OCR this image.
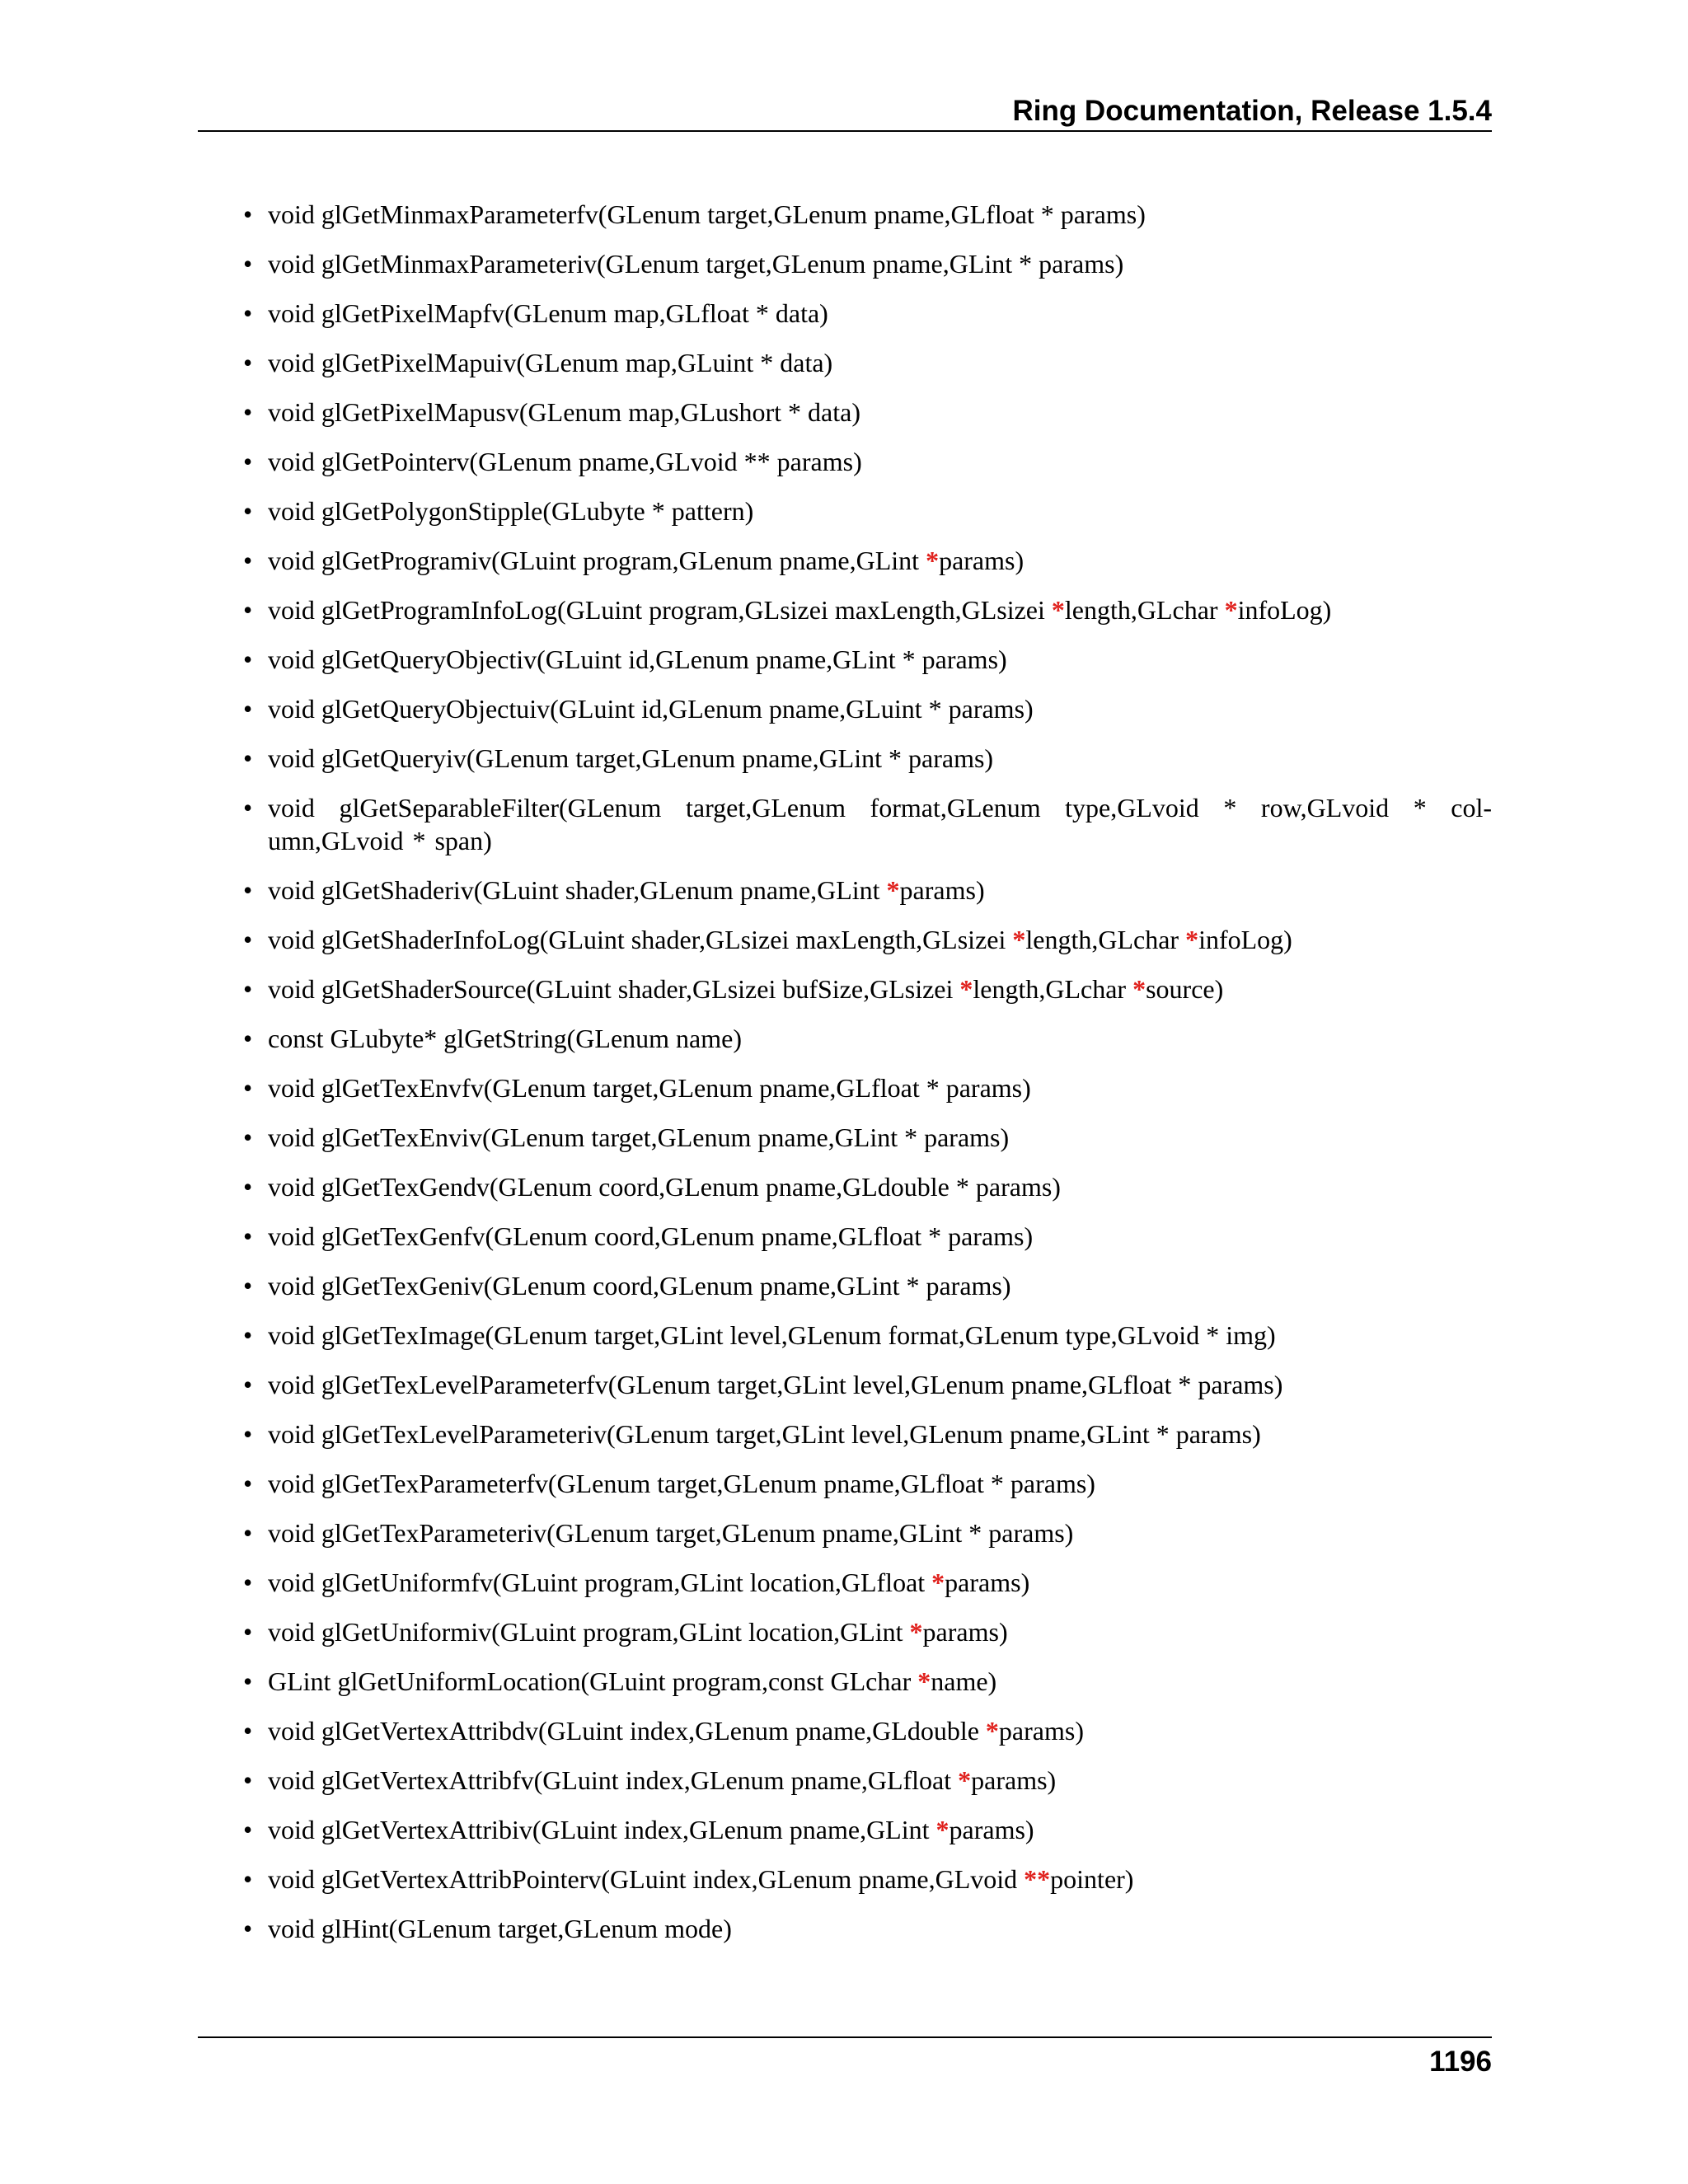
Ring Documentation, Release 1.5.4
• void glGetMinmaxParameterfv(GLenum target,GLenum pname,GLfloat * params)
• void glGetMinmaxParameteriv(GLenum target,GLenum pname,GLint * params)
• void glGetPixelMapfv(GLenum map,GLfloat * data)
• void glGetPixelMapuiv(GLenum map,GLuint * data)
• void glGetPixelMapusv(GLenum map,GLushort * data)
• void glGetPointerv(GLenum pname,GLvoid ** params)
• void glGetPolygonStipple(GLubyte * pattern)
• void glGetProgramiv(GLuint program,GLenum pname,GLint *params)
• void glGetProgramInfoLog(GLuint program,GLsizei maxLength,GLsizei *length,GLchar *infoLog)
• void glGetQueryObjectiv(GLuint id,GLenum pname,GLint * params)
• void glGetQueryObjectuiv(GLuint id,GLenum pname,GLuint * params)
• void glGetQueryiv(GLenum target,GLenum pname,GLint * params)
• void glGetSeparableFilter(GLenum target,GLenum format,GLenum type,GLvoid * row,GLvoid * col- umn,GLvoid * span)
• void glGetShaderiv(GLuint shader,GLenum pname,GLint *params)
• void glGetShaderInfoLog(GLuint shader,GLsizei maxLength,GLsizei *length,GLchar *infoLog)
• void glGetShaderSource(GLuint shader,GLsizei bufSize,GLsizei *length,GLchar *source)
• const GLubyte* glGetString(GLenum name)
• void glGetTexEnvfv(GLenum target,GLenum pname,GLfloat * params)
• void glGetTexEnviv(GLenum target,GLenum pname,GLint * params)
• void glGetTexGendv(GLenum coord,GLenum pname,GLdouble * params)
• void glGetTexGenfv(GLenum coord,GLenum pname,GLfloat * params)
• void glGetTexGeniv(GLenum coord,GLenum pname,GLint * params)
• void glGetTexImage(GLenum target,GLint level,GLenum format,GLenum type,GLvoid * img)
• void glGetTexLevelParameterfv(GLenum target,GLint level,GLenum pname,GLfloat * params)
• void glGetTexLevelParameteriv(GLenum target,GLint level,GLenum pname,GLint * params)
• void glGetTexParameterfv(GLenum target,GLenum pname,GLfloat * params)
• void glGetTexParameteriv(GLenum target,GLenum pname,GLint * params)
• void glGetUniformfv(GLuint program,GLint location,GLfloat *params)
• void glGetUniformiv(GLuint program,GLint location,GLint *params)
• GLint glGetUniformLocation(GLuint program,const GLchar *name)
• void glGetVertexAttribdv(GLuint index,GLenum pname,GLdouble *params)
• void glGetVertexAttribfv(GLuint index,GLenum pname,GLfloat *params)
• void glGetVertexAttribiv(GLuint index,GLenum pname,GLint *params)
• void glGetVertexAttribPointerv(GLuint index,GLenum pname,GLvoid **pointer)
• void glHint(GLenum target,GLenum mode)
1196
